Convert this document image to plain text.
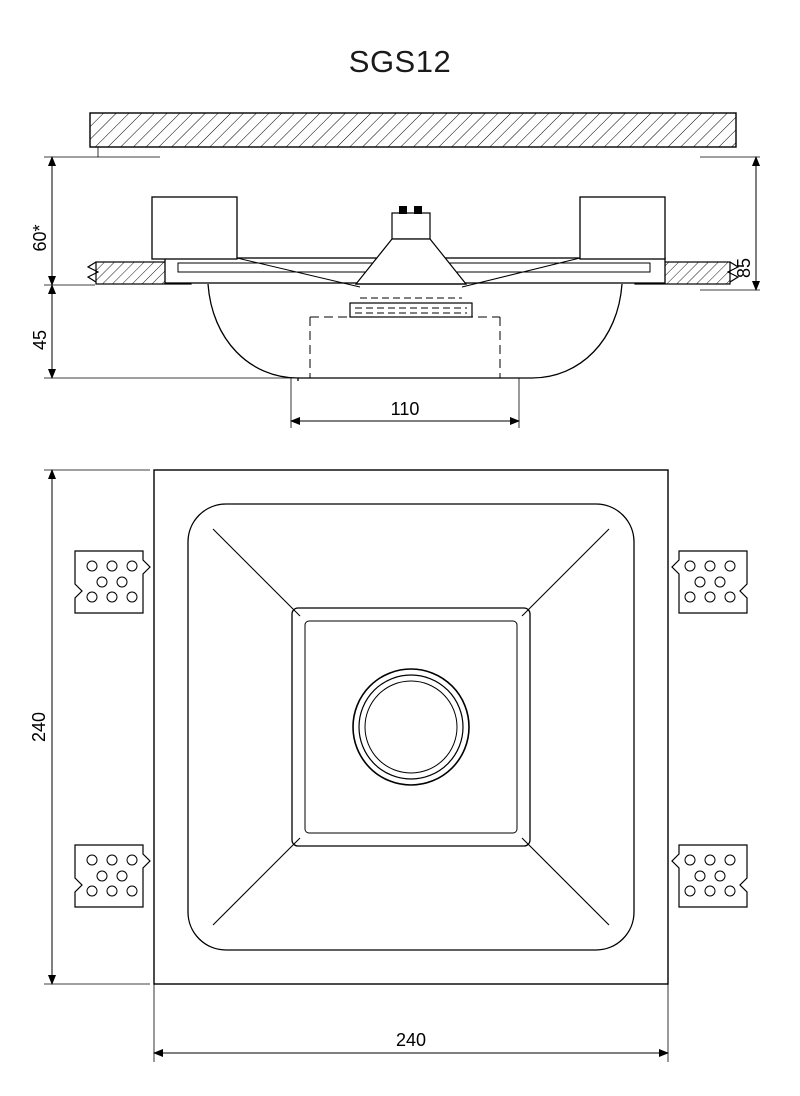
SGS12
60*
45
85
110
240
240
